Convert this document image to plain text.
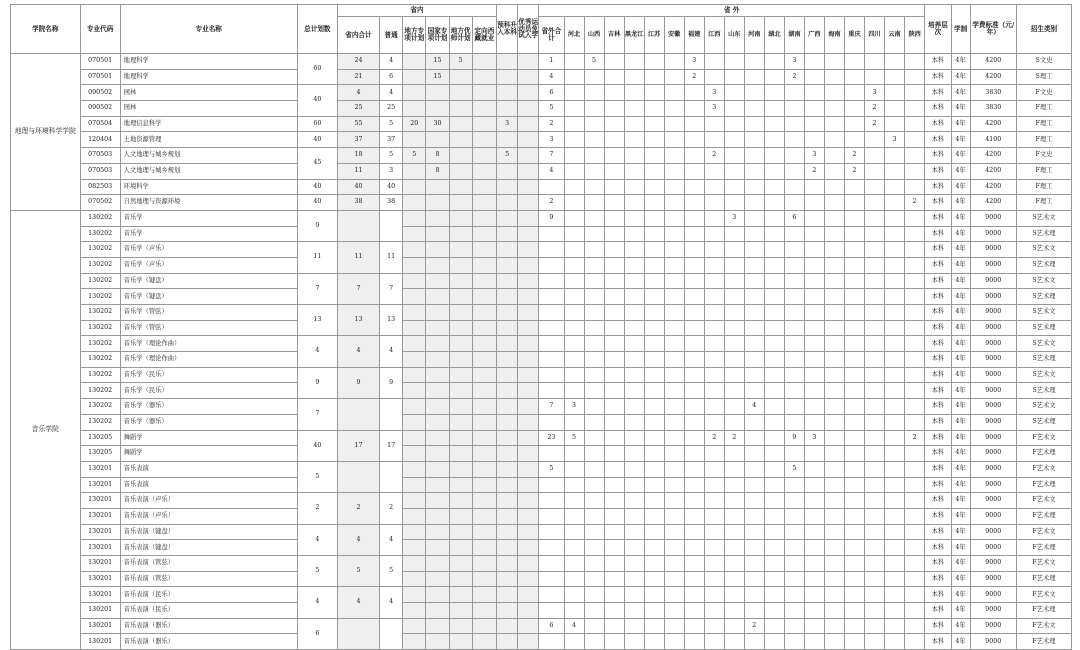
学院名称	专业代码	专业名称	总计划数	省内						预科升入本科	优秀运动员免试入学	省 外																			培养层次	学制	学费标准（元/年）	招生类别
				省内合计	普通	地方专项计划	国家专项计划	地方优师计划	定向西藏就业			省外合计	河北	山西	吉林	黑龙江	江苏	安徽	福建	江西	山东	河南	湖北	湖南	广西	海南	重庆	四川	云南	陕西				
地理与环境科学学院	070501	地理科学	60	24	4		15	5				1		5					3					3							本科	4年	4200	S文史
	070501	地理科学		21	6		15					4							2					2							本科	4年	4200	S理工
	090502	园林	40	4	4							6								3								3			本科	4年	3830	F文史
	090502	园林		25	25							5								3								2			本科	4年	3830	F理工
	070504	地理信息科学	60	55	5	20	30			3		2																2			本科	4年	4200	F理工
	120404	土地资源管理	40	37	37							3																	3		本科	4年	4100	F理工
	070503	人文地理与城乡规划	45	18	5	5	8			5		7								2					3		2				本科	4年	4200	F文史
	070503	人文地理与城乡规划		11	3		8					4													2		2				本科	4年	4200	F理工
	082503	环境科学	40	40	40																										本科	4年	4200	F理工
	070502	自然地理与资源环境	40	38	38							2																		2	本科	4年	4200	F理工
音乐学院	130202	音乐学	9									9									3			6							本科	4年	9000	S艺术文
	130202	音乐学																													本科	4年	9000	S艺术理
	130202	音乐学（声乐）	11	11	11																										本科	4年	9000	S艺术文
	130202	音乐学（声乐）																													本科	4年	9000	S艺术理
	130202	音乐学（键盘）	7	7	7																										本科	4年	9000	S艺术文
	130202	音乐学（键盘）																													本科	4年	9000	S艺术理
	130202	音乐学（管弦）	13	13	13																										本科	4年	9000	S艺术文
	130202	音乐学（管弦）																													本科	4年	9000	S艺术理
	130202	音乐学（理论作曲）	4	4	4																										本科	4年	9000	S艺术文
	130202	音乐学（理论作曲）																													本科	4年	9000	S艺术理
	130202	音乐学（民乐）	9	9	9																										本科	4年	9000	S艺术文
	130202	音乐学（民乐）																													本科	4年	9000	S艺术理
	130202	音乐学（器乐）	7									7	3									4									本科	4年	9000	S艺术文
	130202	音乐学（器乐）																													本科	4年	9000	S艺术理
	130205	舞蹈学	40	17	17							23	5							2	2			9	3					2	本科	4年	9000	F艺术文
	130205	舞蹈学																													本科	4年	9000	F艺术理
	130201	音乐表演	5									5												5							本科	4年	9000	F艺术文
	130201	音乐表演																													本科	4年	9000	F艺术理
	130201	音乐表演（声乐）	2	2	2																										本科	4年	9000	F艺术文
	130201	音乐表演（声乐）																													本科	4年	9000	F艺术理
	130201	音乐表演（键盘）	4	4	4																										本科	4年	9000	F艺术文
	130201	音乐表演（键盘）																													本科	4年	9000	F艺术理
	130201	音乐表演（管弦）	5	5	5																										本科	4年	9000	F艺术文
	130201	音乐表演（管弦）																													本科	4年	9000	F艺术理
	130201	音乐表演（民乐）	4	4	4																										本科	4年	9000	F艺术文
	130201	音乐表演（民乐）																													本科	4年	9000	F艺术理
	130201	音乐表演（器乐）	6									6	4									2									本科	4年	9000	F艺术文
	130201	音乐表演（器乐）																													本科	4年	9000	F艺术理
